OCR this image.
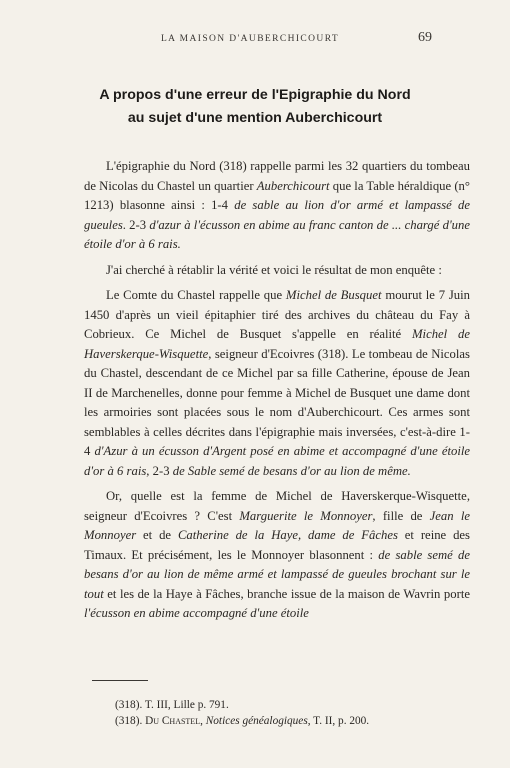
LA MAISON D'AUBERCHICOURT	69
A propos d'une erreur de l'Epigraphie du Nord
au sujet d'une mention Auberchicourt

L'épigraphie du Nord (318) rappelle parmi les 32 quartiers du tombeau de Nicolas du Chastel un quartier Auberchicourt que la Table héraldique (n° 1213) blasonne ainsi : 1-4 de sable au lion d'or armé et lampassé de gueules. 2-3 d'azur à l'écusson en abime au franc canton de ... chargé d'une étoile d'or à 6 rais.

J'ai cherché à rétablir la vérité et voici le résultat de mon enquête :

Le Comte du Chastel rappelle que Michel de Busquet mourut le 7 Juin 1450 d'après un vieil épitaphier tiré des archives du château du Fay à Cobrieux. Ce Michel de Busquet s'appelle en réalité Michel de Haverskerque-Wisquette, seigneur d'Ecoivres (318). Le tombeau de Nicolas du Chastel, descendant de ce Michel par sa fille Catherine, épouse de Jean II de Marchenelles, donne pour femme à Michel de Busquet une dame dont les armoiries sont placées sous le nom d'Auberchicourt. Ces armes sont semblables à celles décrites dans l'épigraphie mais inversées, c'est-à-dire 1-4 d'Azur à un écusson d'Argent posé en abime et accompagné d'une étoile d'or à 6 rais, 2-3 de Sable semé de besans d'or au lion de même.

Or, quelle est la femme de Michel de Haverskerque-Wisquette, seigneur d'Ecoivres ? C'est Marguerite le Monnoyer, fille de Jean le Monnoyer et de Catherine de la Haye, dame de Fâches et reine des Timaux. Et précisément, les le Monnoyer blasonnent : de sable semé de besans d'or au lion de même armé et lampassé de gueules brochant sur le tout et les de la Haye à Fâches, branche issue de la maison de Wavrin porte l'écusson en abime accompagné d'une étoile

(318). T. III, Lille p. 791.
(318). Du Chastel, Notices généalogiques, T. II, p. 200.
